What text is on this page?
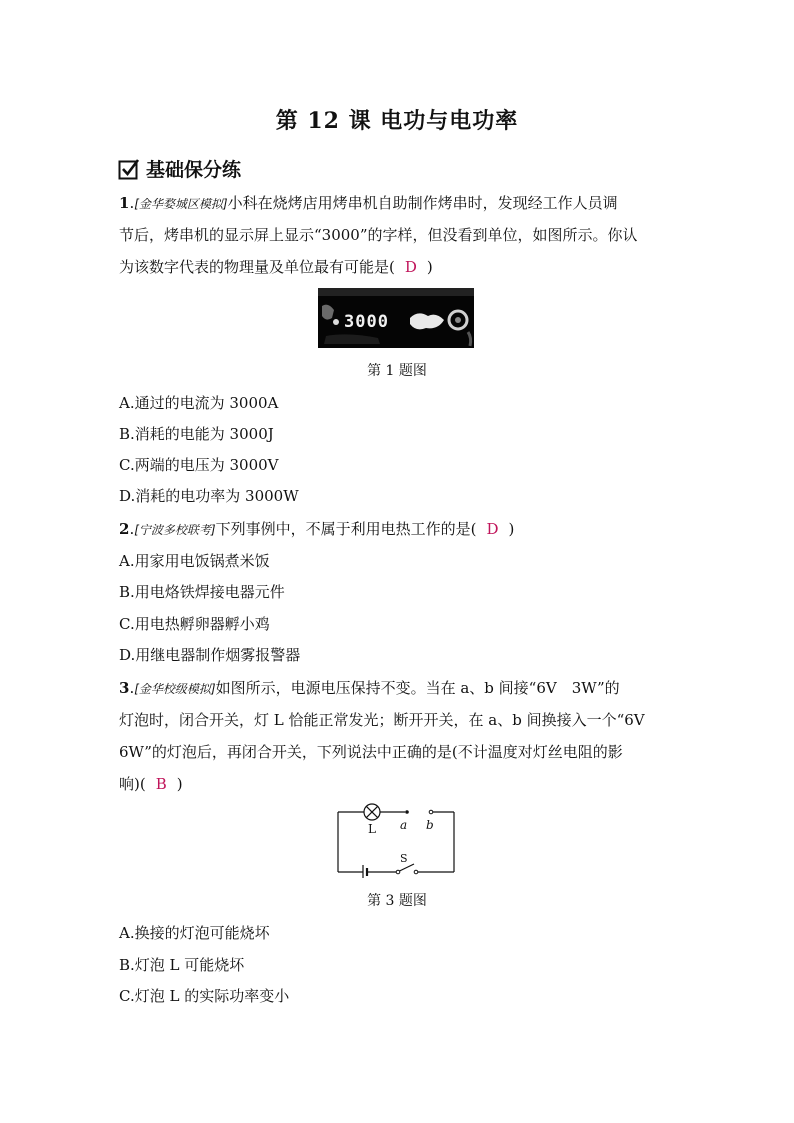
第 12 课 电功与电功率
基础保分练
1.[金华婺城区模拟]小科在烧烤店用烤串机自助制作烤串时，发现经工作人员调
节后，烤串机的显示屏上显示“3000”的字样，但没看到单位，如图所示。你认
为该数字代表的物理量及单位最有可能是( D )
3000
第 1 题图
A.通过的电流为 3000A
B.消耗的电能为 3000J
C.两端的电压为 3000V
D.消耗的电功率为 3000W
2.[宁波多校联考]下列事例中，不属于利用电热工作的是( D )
A.用家用电饭锅煮米饭
B.用电烙铁焊接电器元件
C.用电热孵卵器孵小鸡
D.用继电器制作烟雾报警器
3.[金华校级模拟]如图所示，电源电压保持不变。当在 a、b 间接“6V　3W”的
灯泡时，闭合开关，灯 L 恰能正常发光；断开开关，在 a、b 间换接入一个“6V
6W”的灯泡后，再闭合开关，下列说法中正确的是(不计温度对灯丝电阻的影
响)( B )
L a b
S
第 3 题图
A.换接的灯泡可能烧坏
B.灯泡 L 可能烧坏
C.灯泡 L 的实际功率变小
